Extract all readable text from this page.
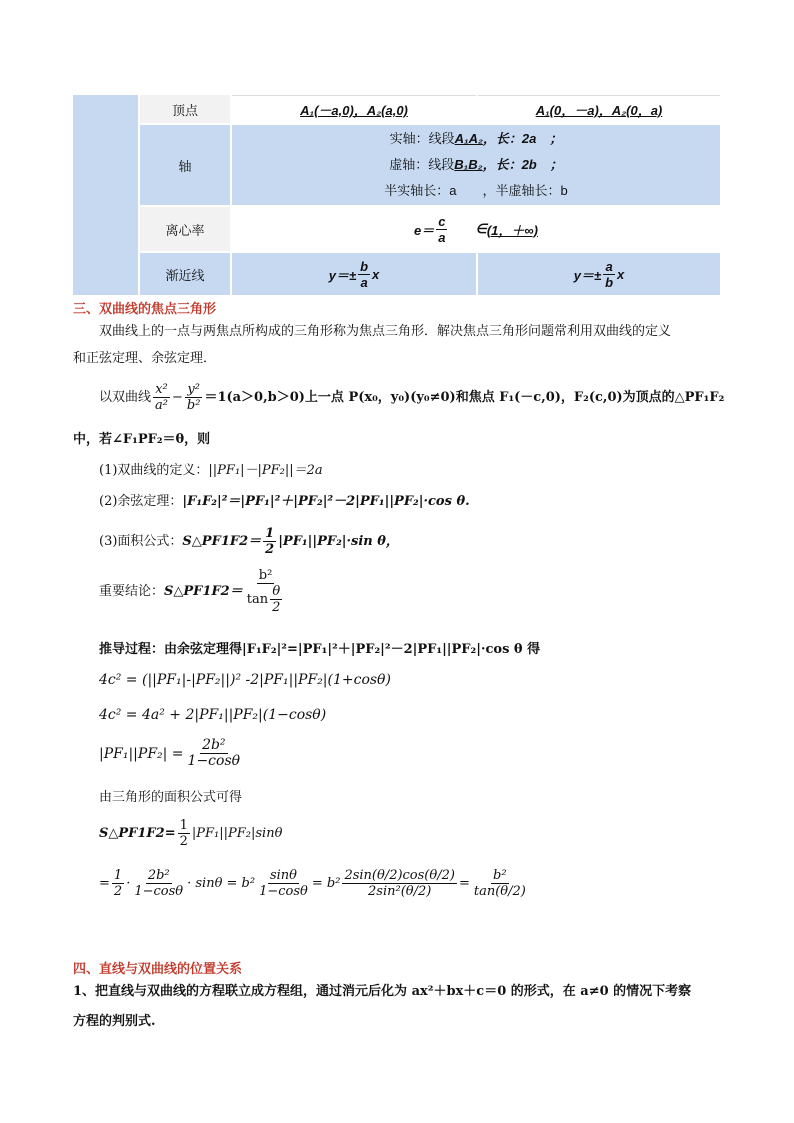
顶点	A₁(－a,0)，A₂(a,0)	A₁(0，－a)，A₂(0，a)
轴
实轴：线段A₁A₂，长：2a　；
虚轴：线段B₁B₂，长：2b　；
半实轴长：a　　，半虚轴长：b
离心率	$e= \frac{c}{a}$ ∈ (1，＋∞)
渐近线	$y=\pm \frac{b}{a}$ x	$y=\pm \frac{a}{b}$ x
三、双曲线的焦点三角形
双曲线上的一点与两焦点所构成的三角形称为焦点三角形．解决焦点三角形问题常利用双曲线的定义
和正弦定理、余弦定理．
以双曲线 $\frac{\text{x²}}{\text{a²}} - \frac{\text{y²}}{\text{b²}} =1(a>0,b>0)$上一点 P(x₀，y₀)(y₀≠0)和焦点 F₁(－c,0)，F₂(c,0)为顶点的△PF₁F₂
中，若∠F₁PF₂＝θ，则
(1)双曲线的定义：||PF₁|－|PF₂||＝2a
(2)余弦定理：|F₁F₂|²＝|PF₁|²＋|PF₂|²－2|PF₁||PF₂|·cos θ.
(3)面积公式： S△PF1F2＝ $\frac{1}{2} |PF_1||PF_2|\cdot\sin$ θ，
重要结论： S△PF1F2＝ $\frac{\text{b²}}{\tan \frac{\theta}{2}}$
推导过程：由余弦定理得|F₁F₂|²=|PF₁|²＋|PF₂|²－2|PF₁||PF₂|·cos θ 得
4c² = (||PF₁|-|PF₂||)² -2|PF₁||PF₂|(1+cosθ)
4c² = 4a² + 2|PF₁||PF₂|(1−cosθ)
$|PF_1||PF_2| = \frac{\text{2b²}}{1-\cos\theta}$
由三角形的面积公式可得
S△PF1F2= $\frac{1}{2} |PF_1||PF_2|\sin\theta$
= $\frac{1}{2} \cdot \frac{\text{2b²}}{1-\cos\theta} \cdot \sin\theta = b^2 \frac{\sin\theta}{1-\cos\theta} = b^2 \frac{2\sin(\theta/2)\cos(\theta/2)}{\text{2sin²(θ/2)}} = \frac{\text{b²}}{\tan(\theta/2)}$
四、直线与双曲线的位置关系
1、把直线与双曲线的方程联立成方程组，通过消元后化为 ax²＋bx＋c＝0 的形式，在 a≠0 的情况下考察
方程的判别式.
